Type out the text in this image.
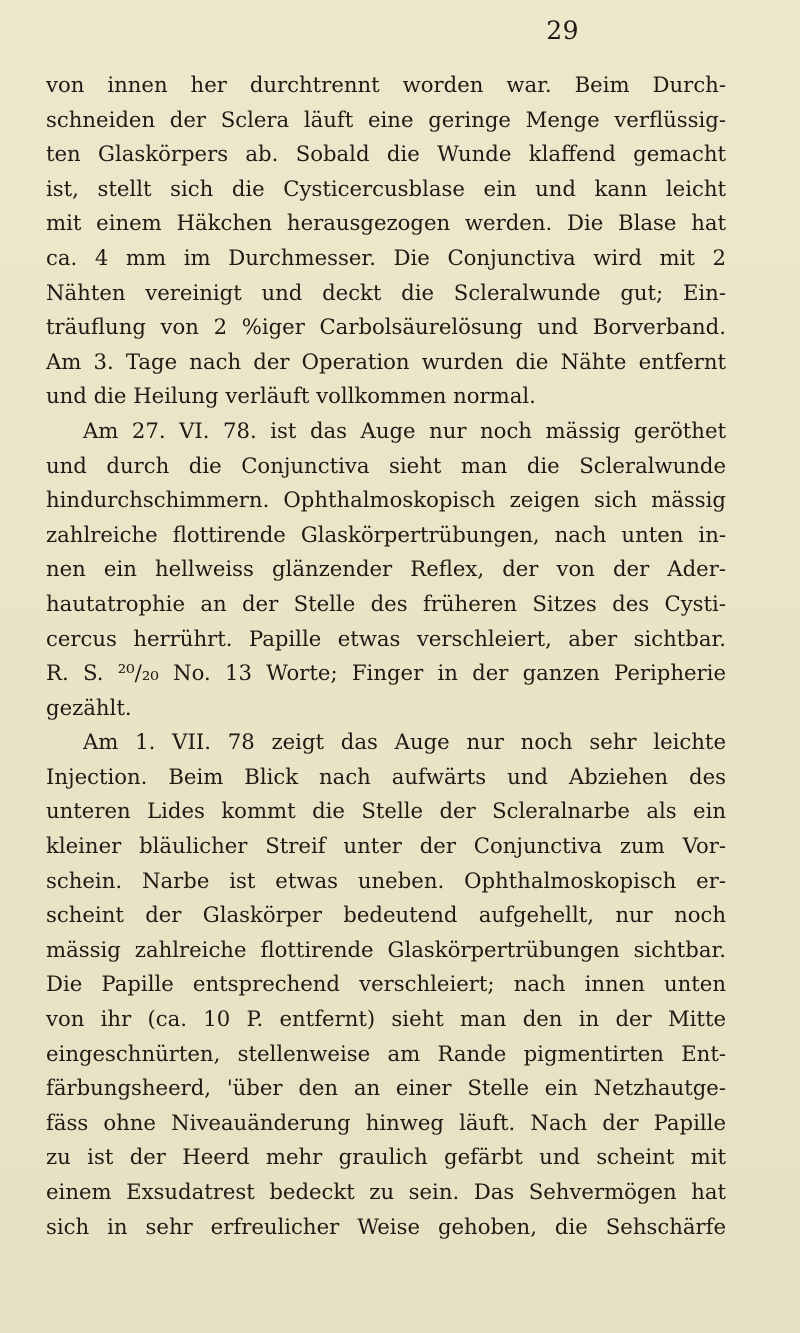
29
von innen her durchtrennt worden war. Beim Durch-
schneiden der Sclera läuft eine geringe Menge verflüssig-
ten Glaskörpers ab. Sobald die Wunde klaffend gemacht
ist, stellt sich die Cysticercusblase ein und kann leicht
mit einem Häkchen herausgezogen werden. Die Blase hat
ca. 4 mm im Durchmesser. Die Conjunctiva wird mit 2
Nähten vereinigt und deckt die Scleralwunde gut; Ein-
träuflung von 2 %iger Carbolsäurelösung und Borverband.
Am 3. Tage nach der Operation wurden die Nähte entfernt
und die Heilung verläuft vollkommen normal.
Am 27. VI. 78. ist das Auge nur noch mässig geröthet
und durch die Conjunctiva sieht man die Scleralwunde
hindurchschimmern. Ophthalmoskopisch zeigen sich mässig
zahlreiche flottirende Glaskörpertrübungen, nach unten in-
nen ein hellweiss glänzender Reflex, der von der Ader-
hautatrophie an der Stelle des früheren Sitzes des Cysti-
cercus herrührt. Papille etwas verschleiert, aber sichtbar.
R. S. ²⁰/₂₀ No. 13 Worte; Finger in der ganzen Peripherie
gezählt.
Am 1. VII. 78 zeigt das Auge nur noch sehr leichte
Injection. Beim Blick nach aufwärts und Abziehen des
unteren Lides kommt die Stelle der Scleralnarbe als ein
kleiner bläulicher Streif unter der Conjunctiva zum Vor-
schein. Narbe ist etwas uneben. Ophthalmoskopisch er-
scheint der Glaskörper bedeutend aufgehellt, nur noch
mässig zahlreiche flottirende Glaskörpertrübungen sichtbar.
Die Papille entsprechend verschleiert; nach innen unten
von ihr (ca. 10 P. entfernt) sieht man den in der Mitte
eingeschnürten, stellenweise am Rande pigmentirten Ent-
färbungsheerd, 'über den an einer Stelle ein Netzhautge-
fäss ohne Niveauänderung hinweg läuft. Nach der Papille
zu ist der Heerd mehr graulich gefärbt und scheint mit
einem Exsudatrest bedeckt zu sein. Das Sehvermögen hat
sich in sehr erfreulicher Weise gehoben, die Sehschärfe
